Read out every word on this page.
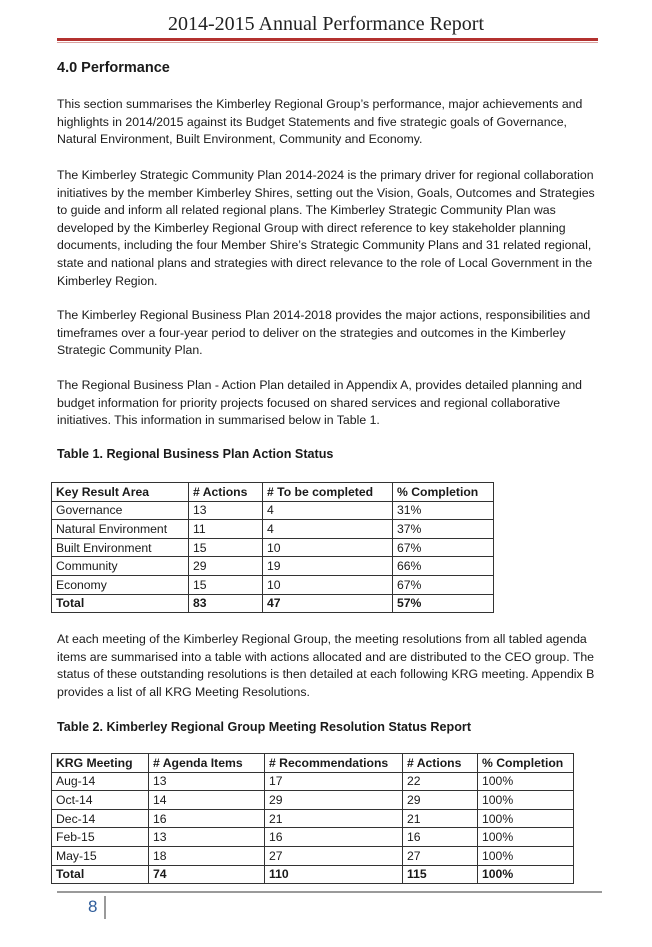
2014-2015 Annual Performance Report
4.0 Performance

This section summarises the Kimberley Regional Group’s performance, major achievements and highlights in 2014/2015 against its Budget Statements and five strategic goals of Governance, Natural Environment, Built Environment, Community and Economy.

The Kimberley Strategic Community Plan 2014-2024 is the primary driver for regional collaboration initiatives by the member Kimberley Shires, setting out the Vision, Goals, Outcomes and Strategies to guide and inform all related regional plans. The Kimberley Strategic Community Plan was developed by the Kimberley Regional Group with direct reference to key stakeholder planning documents, including the four Member Shire’s Strategic Community Plans and 31 related regional, state and national plans and strategies with direct relevance to the role of Local Government in the Kimberley Region.

The Kimberley Regional Business Plan 2014-2018 provides the major actions, responsibilities and timeframes over a four-year period to deliver on the strategies and outcomes in the Kimberley Strategic Community Plan.

The Regional Business Plan - Action Plan detailed in Appendix A, provides detailed planning and budget information for priority projects focused on shared services and regional collaborative initiatives. This information in summarised below in Table 1.

Table 1. Regional Business Plan Action Status
Key Result Area	# Actions	# To be completed	% Completion
Governance	13	4	31%
Natural Environment	11	4	37%
Built Environment	15	10	67%
Community	29	19	66%
Economy	15	10	67%
Total	83	47	57%

At each meeting of the Kimberley Regional Group, the meeting resolutions from all tabled agenda items are summarised into a table with actions allocated and are distributed to the CEO group. The status of these outstanding resolutions is then detailed at each following KRG meeting. Appendix B provides a list of all KRG Meeting Resolutions.

Table 2. Kimberley Regional Group Meeting Resolution Status Report
KRG Meeting	# Agenda Items	# Recommendations	# Actions	% Completion
Aug-14	13	17	22	100%
Oct-14	14	29	29	100%
Dec-14	16	21	21	100%
Feb-15	13	16	16	100%
May-15	18	27	27	100%
Total	74	110	115	100%
8
